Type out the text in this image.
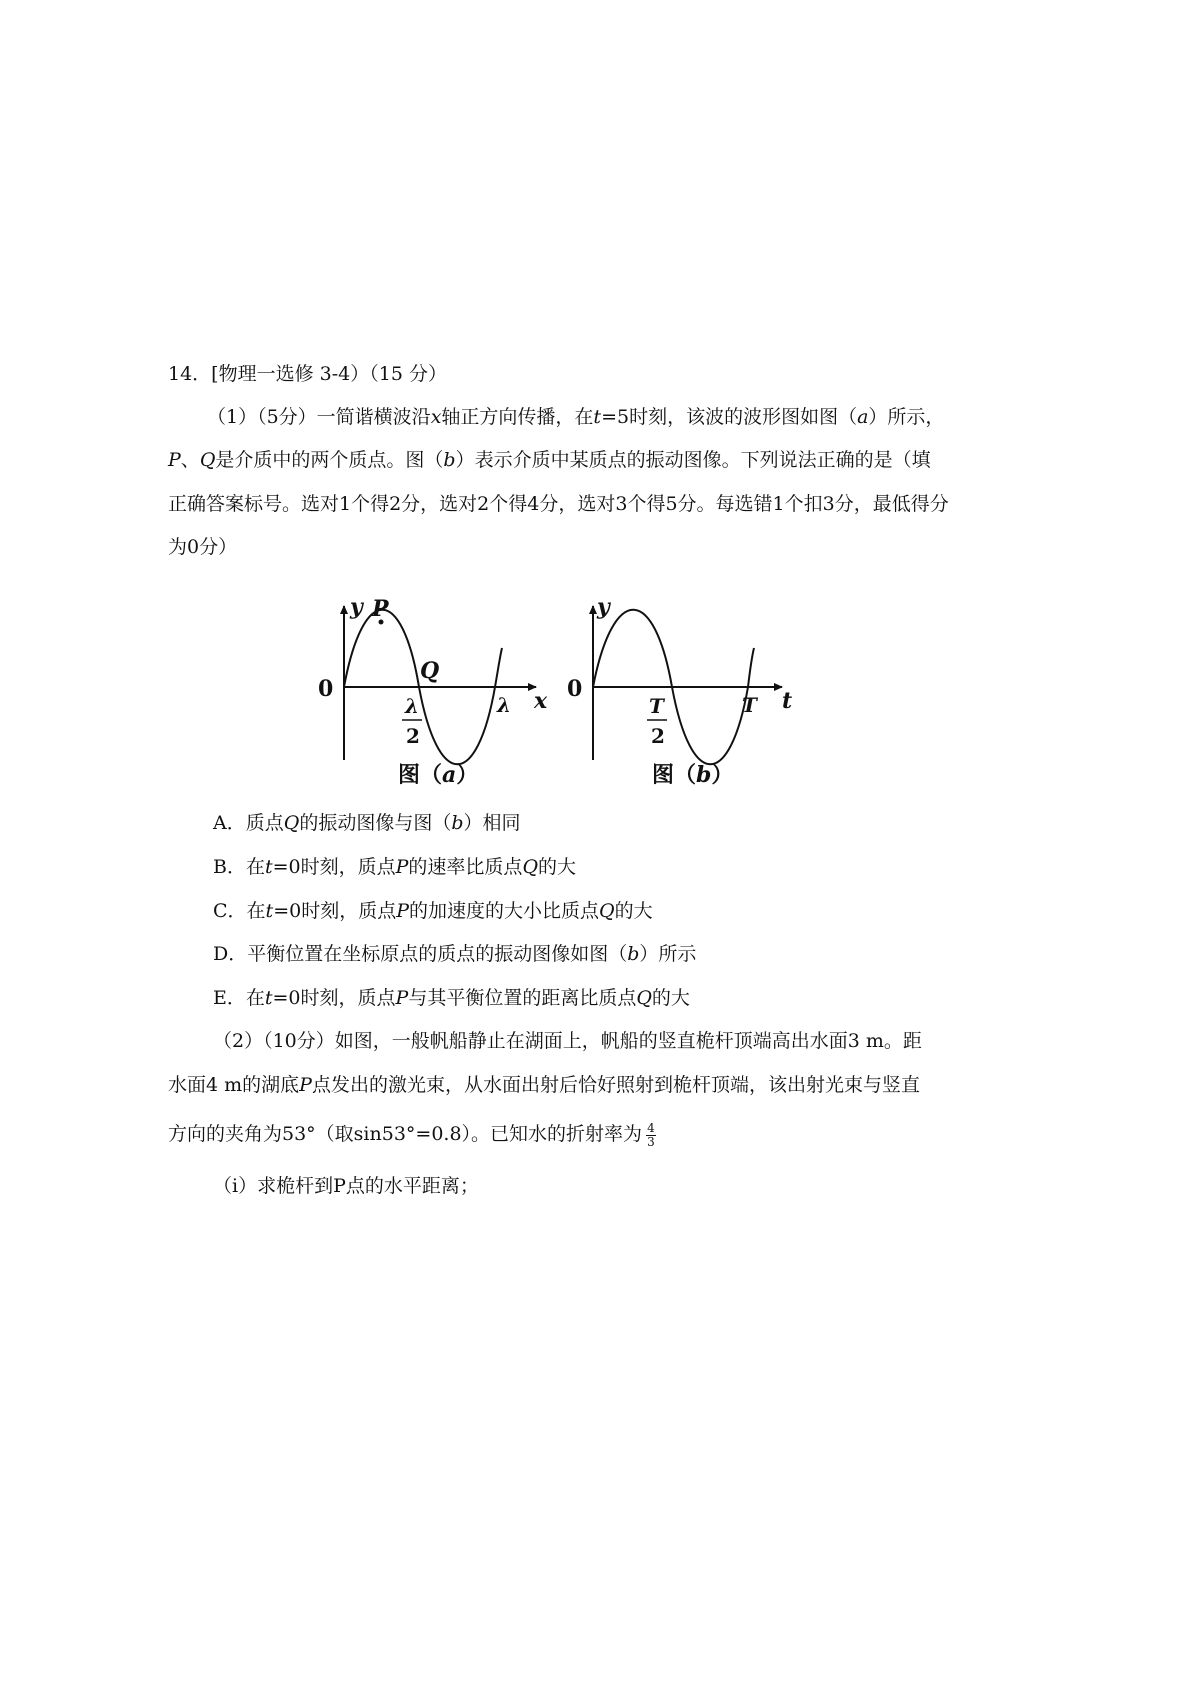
14．[物理一选修 3-4）（15 分）
（1）（5分）一简谐横波沿x轴正方向传播，在t=5时刻，该波的波形图如图（a）所示，
P、Q是介质中的两个质点。图（b）表示介质中某质点的振动图像。下列说法正确的是（填
正确答案标号。选对1个得2分，选对2个得4分，选对3个得5分。每选错1个扣3分，最低得分
为0分）
y P
Q
0	x
λ
2
λ
图（a）
y
0	t
T
2
T
图（b）
A．质点Q的振动图像与图（b）相同
B．在t=0时刻，质点P的速率比质点Q的大
C．在t=0时刻，质点P的加速度的大小比质点Q的大
D．平衡位置在坐标原点的质点的振动图像如图（b）所示
E．在t=0时刻，质点P与其平衡位置的距离比质点Q的大
（2）（10分）如图，一般帆船静止在湖面上，帆船的竖直桅杆顶端高出水面3 m。距
水面4 m的湖底P点发出的激光束，从水面出射后恰好照射到桅杆顶端，该出射光束与竖直
方向的夹角为53°（取sin53°=0.8）。已知水的折射率为 $\frac{4}{3}$
（i）求桅杆到P点的水平距离；
